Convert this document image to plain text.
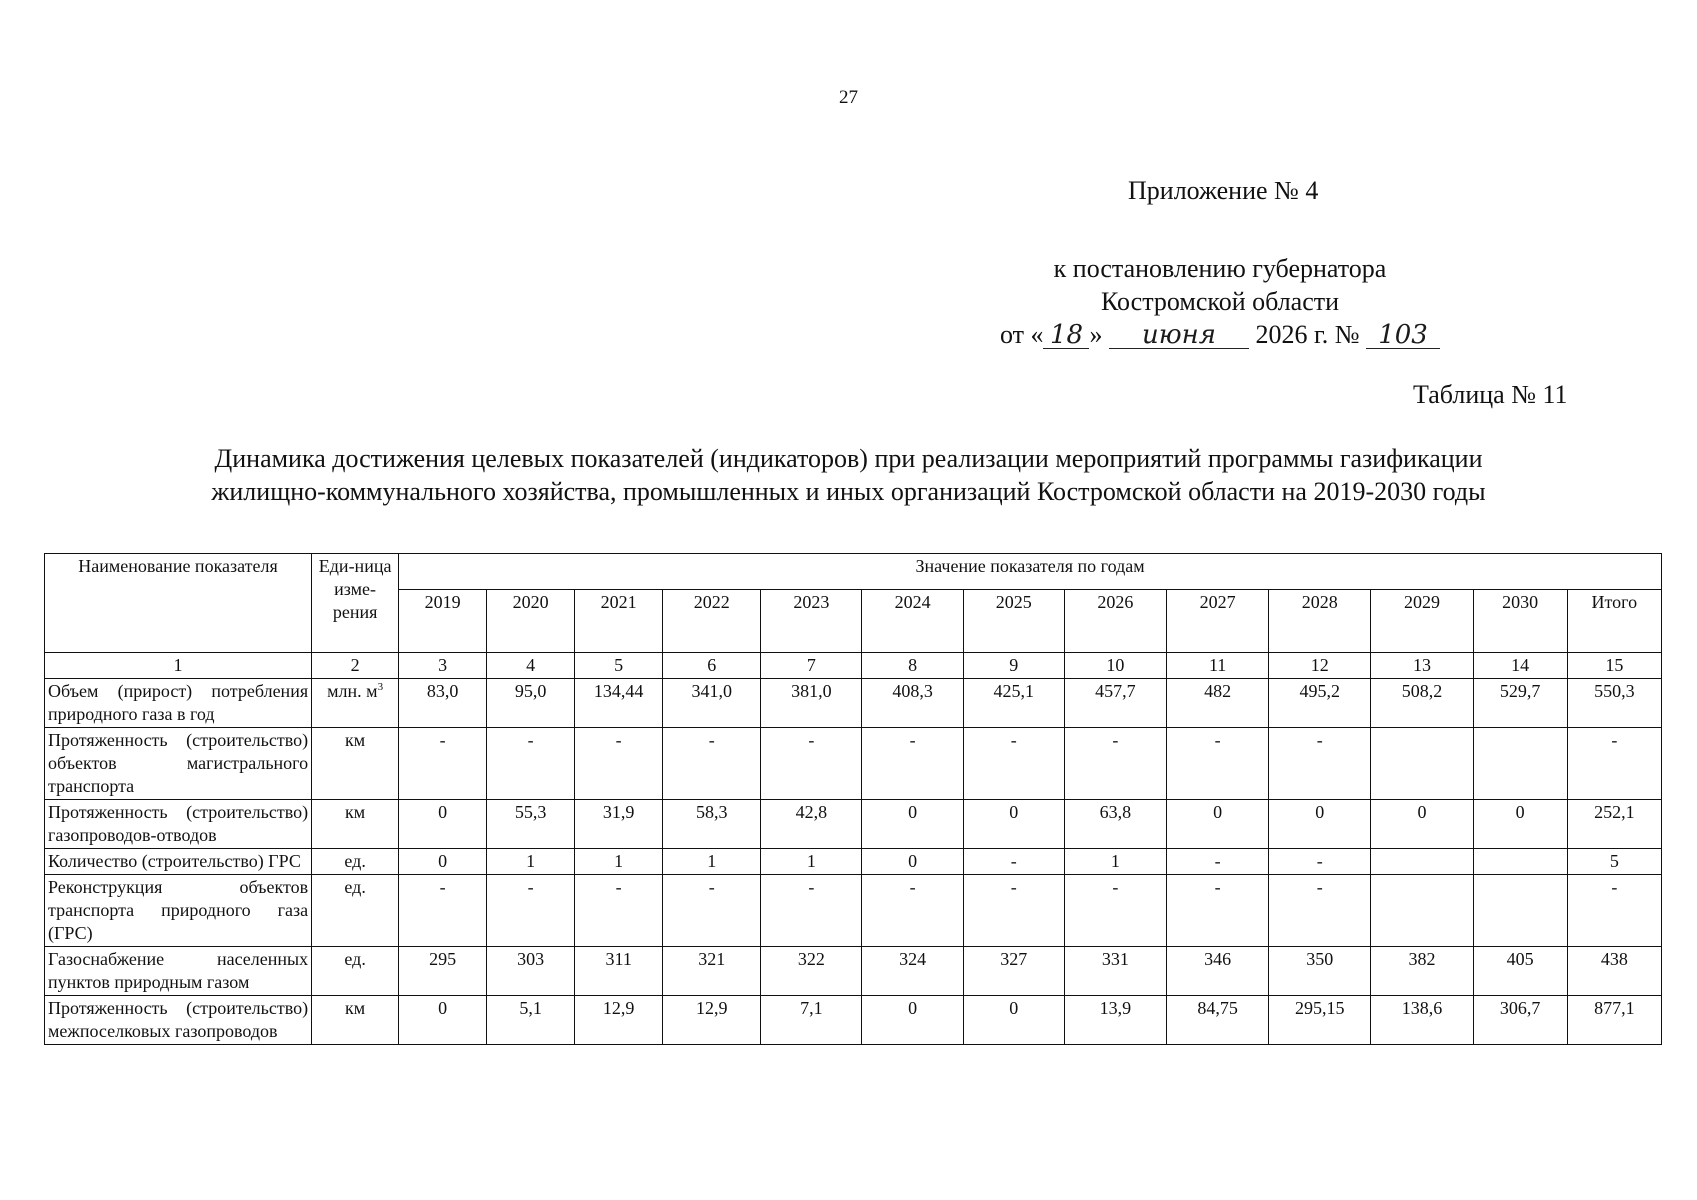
27
Приложение № 4
к постановлению губернатора
Костромской области
от « 18 » июня 2026 г. № 103
Таблица № 11
Динамика достижения целевых показателей (индикаторов) при реализации мероприятий программы газификации
жилищно-коммунального хозяйства, промышленных и иных организаций Костромской области на 2019-2030 годы
Наименование показателя	Еди-ница изме-рения	Значение показателя по годам												
		2019	2020	2021	2022	2023	2024	2025	2026	2027	2028	2029	2030	Итого
1	2	3	4	5	6	7	8	9	10	11	12	13	14	15
Объем (прирост) потребления природного газа в год	млн. $м^3$	83,0	95,0	134,44	341,0	381,0	408,3	425,1	457,7	482	495,2	508,2	529,7	550,3
Протяженность (строительство) объектов магистрального транспорта	км	-	-	-	-	-	-	-	-	-	-			-
Протяженность (строительство) газопроводов-отводов	км	0	55,3	31,9	58,3	42,8	0	0	63,8	0	0	0	0	252,1
Количество (строительство) ГРС	ед.	0	1	1	1	1	0	-	1	-	-			5
Реконструкция объектов транспорта природного газа (ГРС)	ед.	-	-	-	-	-	-	-	-	-	-			-
Газоснабжение населенных пунктов природным газом	ед.	295	303	311	321	322	324	327	331	346	350	382	405	438
Протяженность (строительство) межпоселковых газопроводов	км	0	5,1	12,9	12,9	7,1	0	0	13,9	84,75	295,15	138,6	306,7	877,1
